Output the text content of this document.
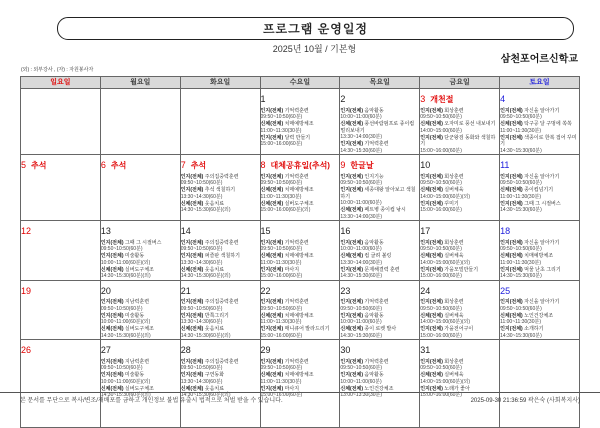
프로그램 운영일정
2025년 10월 / 기본형
삼천포어르신학교
(외) : 외부강사 , (자) : 자원봉사자
일요일	월요일	화요일	수요일	목요일	금요일	토요일
			1
인지(전체) 기억력훈련
09:50~10:50(60분)
신체(전체) 치매예방체조
11:00~11:30(30분)
인지(전체) 달력 만들기
15:00~16:00(60분)
	2
인지(전체) 음악활동
10:00~11:00(60분)
신체(전체) 풍선바람펌프로 종이컵 멀리보내기
13:30~14:00(30분)
인지(전체) 기억력훈련
14:30~15:30(60분)
	3 개천절
인지(전체) 회상훈련
09:50~10:50(60분)
신체(전체) 오자미로 풍선 내보내기
14:00~15:00(60분)
인지(전체) 단군왕검 동화와 색칠하기
15:00~16:00(60분)
	4
인지(전체) 자신을 알아가기
09:50~10:50(60분)
신체(전체) 탁구공 달 구멍에 쏙쏙
11:00~11:30(30분)
인지(전체) 색종이로 한복 접어 꾸미기
14:30~15:30(60분)

5 추석	6 추석	7 추석
인지(전체) 주의집중력훈련
09:50~10:50(60분)
인지(전체) 추석 색칠하기
13:30~14:30(60분)
신체(전체) 웃음치료
14:30~15:30(60분)(외)
	8 대체공휴일(추석)
인지(전체) 기억력훈련
09:50~10:50(60분)
신체(전체) 치매예방체조
11:00~11:30(30분)
신체(전체) 실버도구체조
15:00~16:00(60분)(외)
	9 한글날
인지(전체) 인지기능
09:50~10:50(60분)
인지(전체) 세종대왕 알아보고 색칠하기
10:00~11:00(60분)
신체(전체) 페트병 종이컵 낚시
13:30~14:00(30분)
	10
인지(전체) 회상훈련
09:50~10:50(60분)
신체(전체) 실버체육
14:00~15:00(60분)(외)
인지(전체) 꾸미기
15:00~16:00(60분)
	11
인지(전체) 자신을 알아가기
09:50~10:50(60분)
신체(전체) 종이컵넘기기
11:00~11:30(30분)
인지(전체) 그때 그 시절버스
14:30~15:30(60분)

12	13
인지(전체) 그때 그 시절버스
09:50~10:50(60분)
인지(전체) 미술활동
10:00~11:00(60분)(외)
신체(전체) 실버도구체조
14:30~15:30(60분)(외)
	14
인지(전체) 주의집중력훈련
09:50~10:50(60분)
인지(전체) 퍼즐판 색칠하기
13:30~14:30(60분)
신체(전체) 웃음치료
14:30~15:30(60분)(외)
	15
인지(전체) 기억력훈련
09:50~10:50(60분)
신체(전체) 치매예방체조
11:00~11:30(30분)
인지(전체) 마사지
15:00~16:00(60분)
	16
인지(전체) 음악활동
10:00~11:00(60분)
신체(전체) 컵 굴려 볼링
13:30~14:00(30분)
인지(전체) 문제해결력 훈련
14:30~15:30(60분)
	17
인지(전체) 회상훈련
09:50~10:50(60분)
신체(전체) 실버체육
14:00~15:00(60분)(외)
인지(전체) 가을모빌만들기
15:00~16:00(60분)
	18
인지(전체) 자신을 알아가기
09:50~10:50(60분)
신체(전체) 치매예방체조
11:00~11:30(30분)
인지(전체) 먹물 난초 그리기
14:30~15:30(60분)

19	20
인지(전체) 지남력훈련
09:50~10:50(60분)
인지(전체) 미술활동
10:00~11:00(60분)(외)
신체(전체) 실버도구체조
14:30~15:30(60분)(외)
	21
인지(전체) 주의집중력훈련
09:50~10:50(60분)
인지(전체) 반쪽그리기
13:30~14:30(60분)
신체(전체) 웃음치료
14:30~15:30(60분)(외)
	22
인지(전체) 기억력훈련
09:50~10:50(60분)
신체(전체) 치매예방체조
11:00~11:30(30분)
인지(전체) 매니큐어 발라드리기
15:00~16:00(60분)
	23
인지(전체) 기억력훈련
09:50~10:50(60분)
인지(전체) 음악활동
10:00~11:00(60분)
신체(전체) 종이 로켓 발사
14:30~15:30(60분)
	24
인지(전체) 회상훈련
09:50~10:50(60분)
신체(전체) 실버체육
14:00~15:00(60분)(외)
인지(전체) 가을전어구이
15:00~16:00(60분)
	25
인지(전체) 자신을 알아가기
09:50~10:50(60분)
신체(전체) 노인건강체조
11:00~11:30(30분)
인지(전체) 소개하기
14:30~15:30(60분)

26	27
인지(전체) 지남력훈련
09:50~10:50(60분)
인지(전체) 미술활동
10:00~11:00(60분)(외)
신체(전체) 실버도구체조
14:30~15:30(60분)(외)
	28
인지(전체) 주의집중력훈련
09:50~10:50(60분)
인지(전체) 구연동화
13:30~14:30(60분)
신체(전체) 웃음치료
14:30~15:30(60분)(외)
	29
인지(전체) 기억력훈련
09:50~10:50(60분)
신체(전체) 치매예방체조
11:00~11:30(30분)
인지(전체) 마사지
15:00~16:00(60분)
	30
인지(전체) 기억력훈련
09:50~10:50(60분)
인지(전체) 음악활동
10:00~11:00(60분)
신체(전체) 노인건강체조
13:00~13:30(30분)
	31
인지(전체) 회상훈련
09:50~10:50(60분)
신체(전체) 실버체육
14:00~15:00(60분)(외)
인지(전체) 노래가 좋아
15:00~16:00(60분)

본 문서를 무단으로 복사/변조/재배포를 금하고 개인정보 불법 유출시 법적으로 처벌 받을 수 있습니다.	2025-09-30 21:36:59 곽은숙 (사회복지사)
